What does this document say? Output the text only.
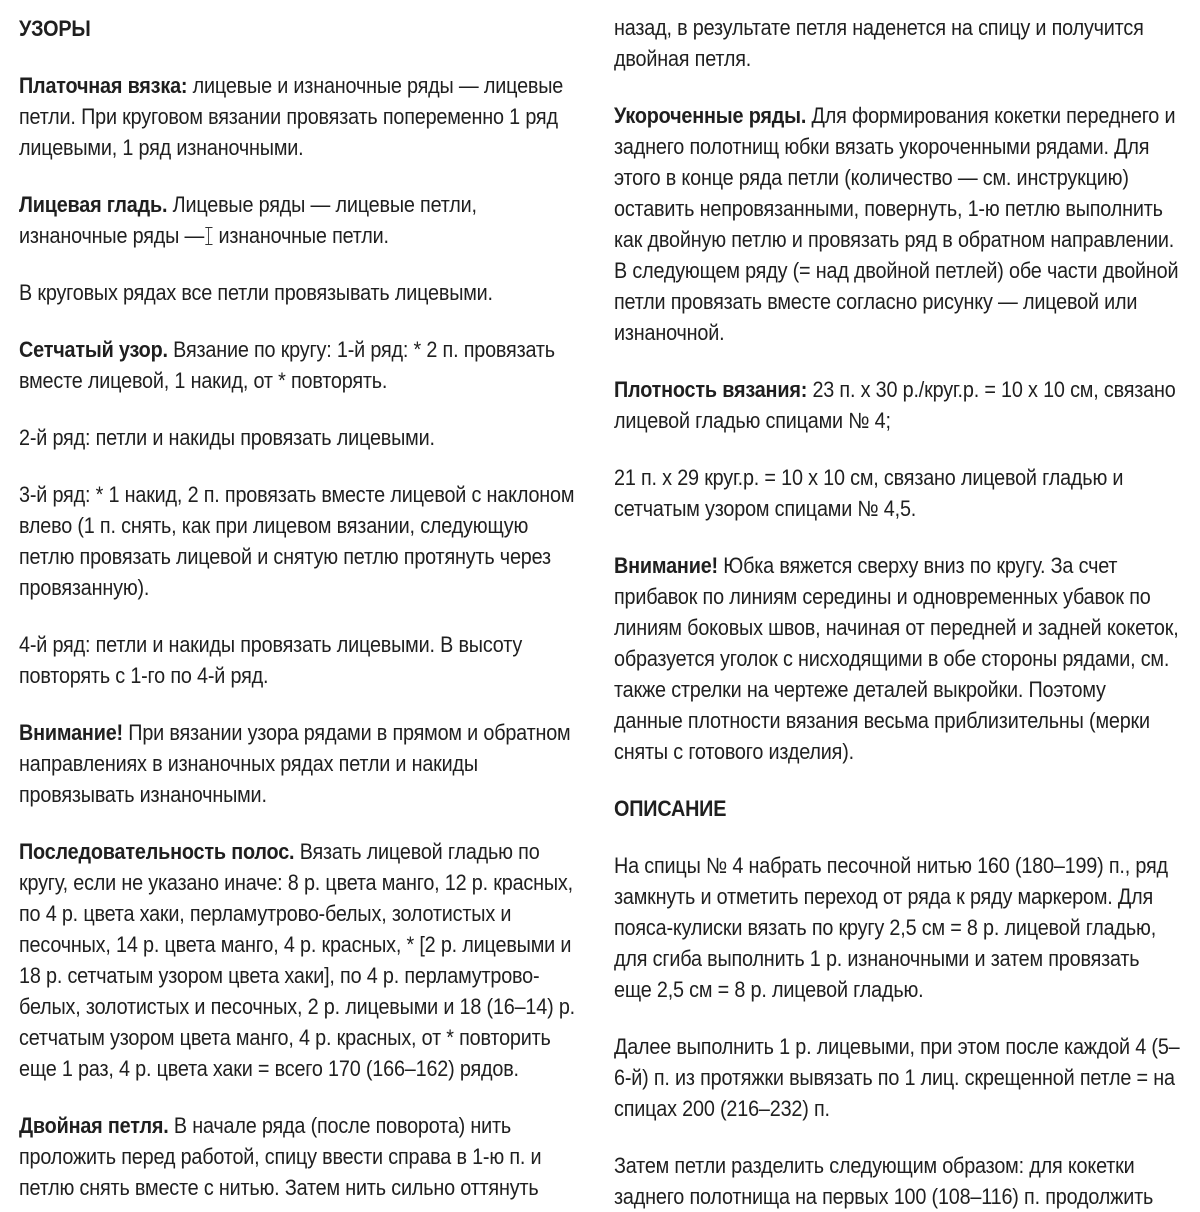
УЗОРЫ

Платочная вязка: лицевые и изнаночные ряды — лицевые
петли. При круговом вязании провязать попеременно 1 ряд
лицевыми, 1 ряд изнаночными.

Лицевая гладь. Лицевые ряды — лицевые петли,
изнаночные ряды — изнаночные петли.

В круговых рядах все петли провязывать лицевыми.

Сетчатый узор. Вязание по кругу: 1-й ряд: * 2 п. провязать
вместе лицевой, 1 накид, от * повторять.

2-й ряд: петли и накиды провязать лицевыми.

3-й ряд: * 1 накид, 2 п. провязать вместе лицевой с наклоном
влево (1 п. снять, как при лицевом вязании, следующую
петлю провязать лицевой и снятую петлю протянуть через
провязанную).

4-й ряд: петли и накиды провязать лицевыми. В высоту
повторять с 1-го по 4-й ряд.

Внимание! При вязании узора рядами в прямом и обратном
направлениях в изнаночных рядах петли и накиды
провязывать изнаночными.

Последовательность полос. Вязать лицевой гладью по
кругу, если не указано иначе: 8 р. цвета манго, 12 р. красных,
по 4 р. цвета хаки, перламутрово-белых, золотистых и
песочных, 14 р. цвета манго, 4 р. красных, * [2 р. лицевыми и
18 р. сетчатым узором цвета хаки], по 4 р. перламутрово-
белых, золотистых и песочных, 2 р. лицевыми и 18 (16–14) р.
сетчатым узором цвета манго, 4 р. красных, от * повторить
еще 1 раз, 4 р. цвета хаки = всего 170 (166–162) рядов.

Двойная петля. В начале ряда (после поворота) нить
проложить перед работой, спицу ввести справа в 1-ю п. и
петлю снять вместе с нитью. Затем нить сильно оттянуть

назад, в результате петля наденется на спицу и получится
двойная петля.

Укороченные ряды. Для формирования кокетки переднего и
заднего полотнищ юбки вязать укороченными рядами. Для
этого в конце ряда петли (количество — см. инструкцию)
оставить непровязанными, повернуть, 1-ю петлю выполнить
как двойную петлю и провязать ряд в обратном направлении.
В следующем ряду (= над двойной петлей) обе части двойной
петли провязать вместе согласно рисунку — лицевой или
изнаночной.

Плотность вязания: 23 п. х 30 р./круг.р. = 10 х 10 см, связано
лицевой гладью спицами № 4;

21 п. х 29 круг.р. = 10 х 10 см, связано лицевой гладью и
сетчатым узором спицами № 4,5.

Внимание! Юбка вяжется сверху вниз по кругу. За счет
прибавок по линиям середины и одновременных убавок по
линиям боковых швов, начиная от передней и задней кокеток,
образуется уголок с нисходящими в обе стороны рядами, см.
также стрелки на чертеже деталей выкройки. Поэтому
данные плотности вязания весьма приблизительны (мерки
сняты с готового изделия).

ОПИСАНИЕ

На спицы № 4 набрать песочной нитью 160 (180–199) п., ряд
замкнуть и отметить переход от ряда к ряду маркером. Для
пояса-кулиски вязать по кругу 2,5 см = 8 р. лицевой гладью,
для сгиба выполнить 1 р. изнаночными и затем провязать
еще 2,5 см = 8 р. лицевой гладью.

Далее выполнить 1 р. лицевыми, при этом после каждой 4 (5–
6-й) п. из протяжки вывязать по 1 лиц. скрещенной петле = на
спицах 200 (216–232) п.

Затем петли разделить следующим образом: для кокетки
заднего полотнища на первых 100 (108–116) п. продолжить
